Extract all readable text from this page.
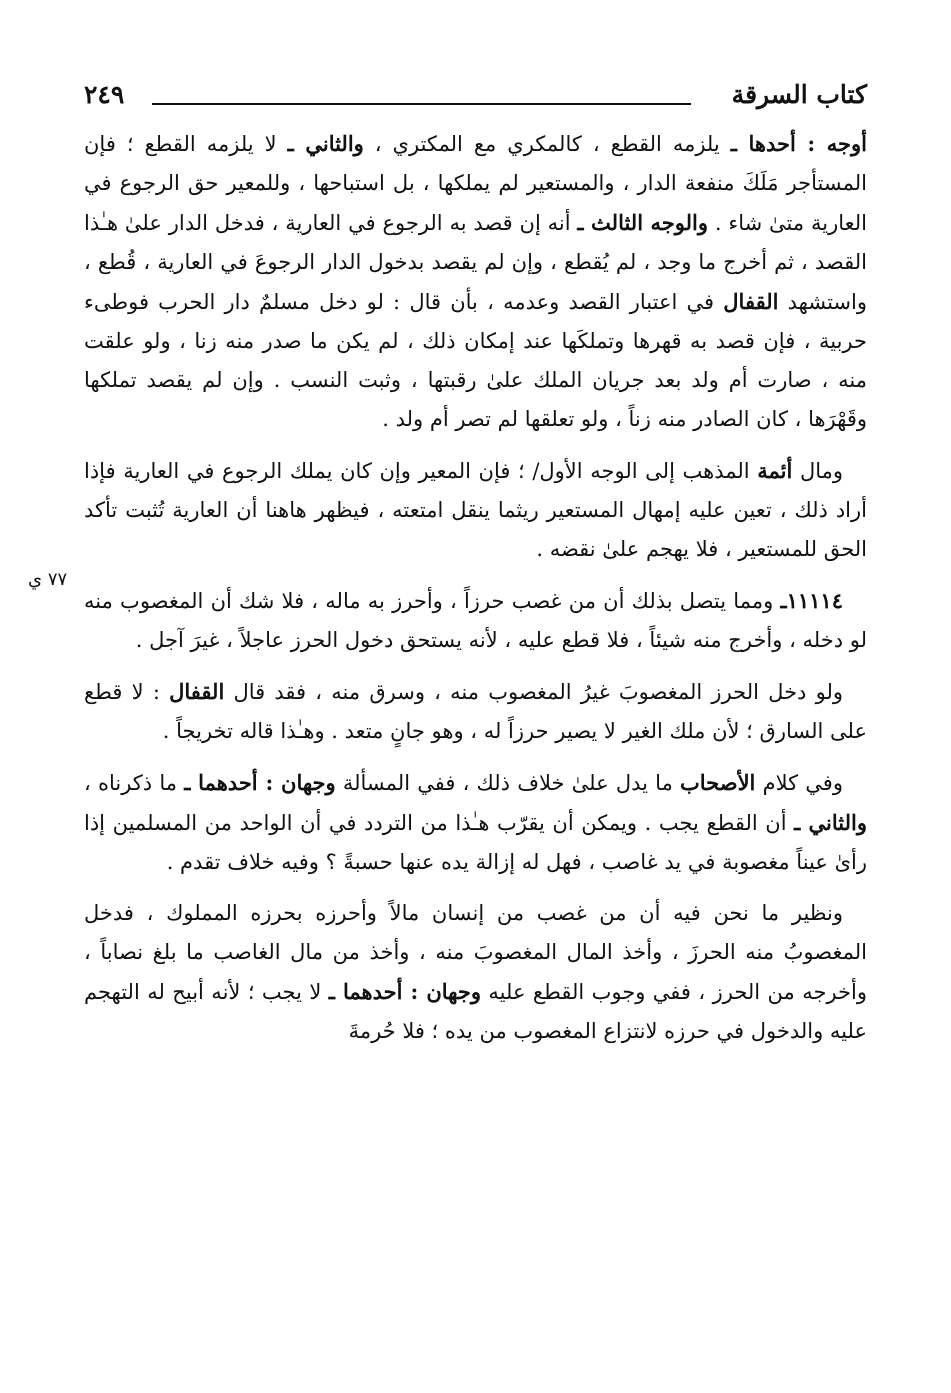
كتاب السرقة
٢٤٩
٧٧ ي

أوجه : أحدها ـ يلزمه القطع ، كالمكري مع المكتري ، والثاني ـ لا يلزمه القطع ؛ فإن المستأجر مَلَكَ منفعة الدار ، والمستعير لم يملكها ، بل استباحها ، وللمعير حق الرجوع في العارية متىٰ شاء . والوجه الثالث ـ أنه إن قصد به الرجوع في العارية ، فدخل الدار علىٰ هـٰذا القصد ، ثم أخرج ما وجد ، لم يُقطع ، وإن لم يقصد بدخول الدار الرجوعَ في العارية ، قُطع ، واستشهد القفال في اعتبار القصد وعدمه ، بأن قال : لو دخل مسلمٌ دار الحرب فوطىء حربية ، فإن قصد به قهرها وتملكَها عند إمكان ذلك ، لم يكن ما صدر منه زنا ، ولو علقت منه ، صارت أم ولد بعد جريان الملك علىٰ رقبتها ، وثبت النسب . وإن لم يقصد تملكها وقَهْرَها ، كان الصادر منه زناً ، ولو تعلقها لم تصر أم ولد .

ومال أئمة المذهب إلى الوجه الأول/ ؛ فإن المعير وإن كان يملك الرجوع في العارية فإذا أراد ذلك ، تعين عليه إمهال المستعير ريثما ينقل امتعته ، فيظهر هاهنا أن العارية تُثبت تأكد الحق للمستعير ، فلا يهجم علىٰ نقضه .

١١١١٤ـ ومما يتصل بذلك أن من غصب حرزاً ، وأحرز به ماله ، فلا شك أن المغصوب منه لو دخله ، وأخرج منه شيئاً ، فلا قطع عليه ، لأنه يستحق دخول الحرز عاجلاً ، غيرَ آجل .

ولو دخل الحرز المغصوبَ غيرُ المغصوب منه ، وسرق منه ، فقد قال القفال : لا قطع على السارق ؛ لأن ملك الغير لا يصير حرزاً له ، وهو جانٍ متعد . وهـٰذا قاله تخريجاً .

وفي كلام الأصحاب ما يدل علىٰ خلاف ذلك ، ففي المسألة وجهان : أحدهما ـ ما ذكرناه ، والثاني ـ أن القطع يجب . ويمكن أن يقرّب هـٰذا من التردد في أن الواحد من المسلمين إذا رأىٰ عيناً مغصوبة في يد غاصب ، فهل له إزالة يده عنها حسبةً ؟ وفيه خلاف تقدم .

ونظير ما نحن فيه أن من غصب من إنسان مالاً وأحرزه بحرزه المملوك ، فدخل المغصوبُ منه الحرزَ ، وأخذ المال المغصوبَ منه ، وأخذ من مال الغاصب ما بلغ نصاباً ، وأخرجه من الحرز ، ففي وجوب القطع عليه وجهان : أحدهما ـ لا يجب ؛ لأنه أبيح له التهجم عليه والدخول في حرزه لانتزاع المغصوب من يده ؛ فلا حُرمةَ
